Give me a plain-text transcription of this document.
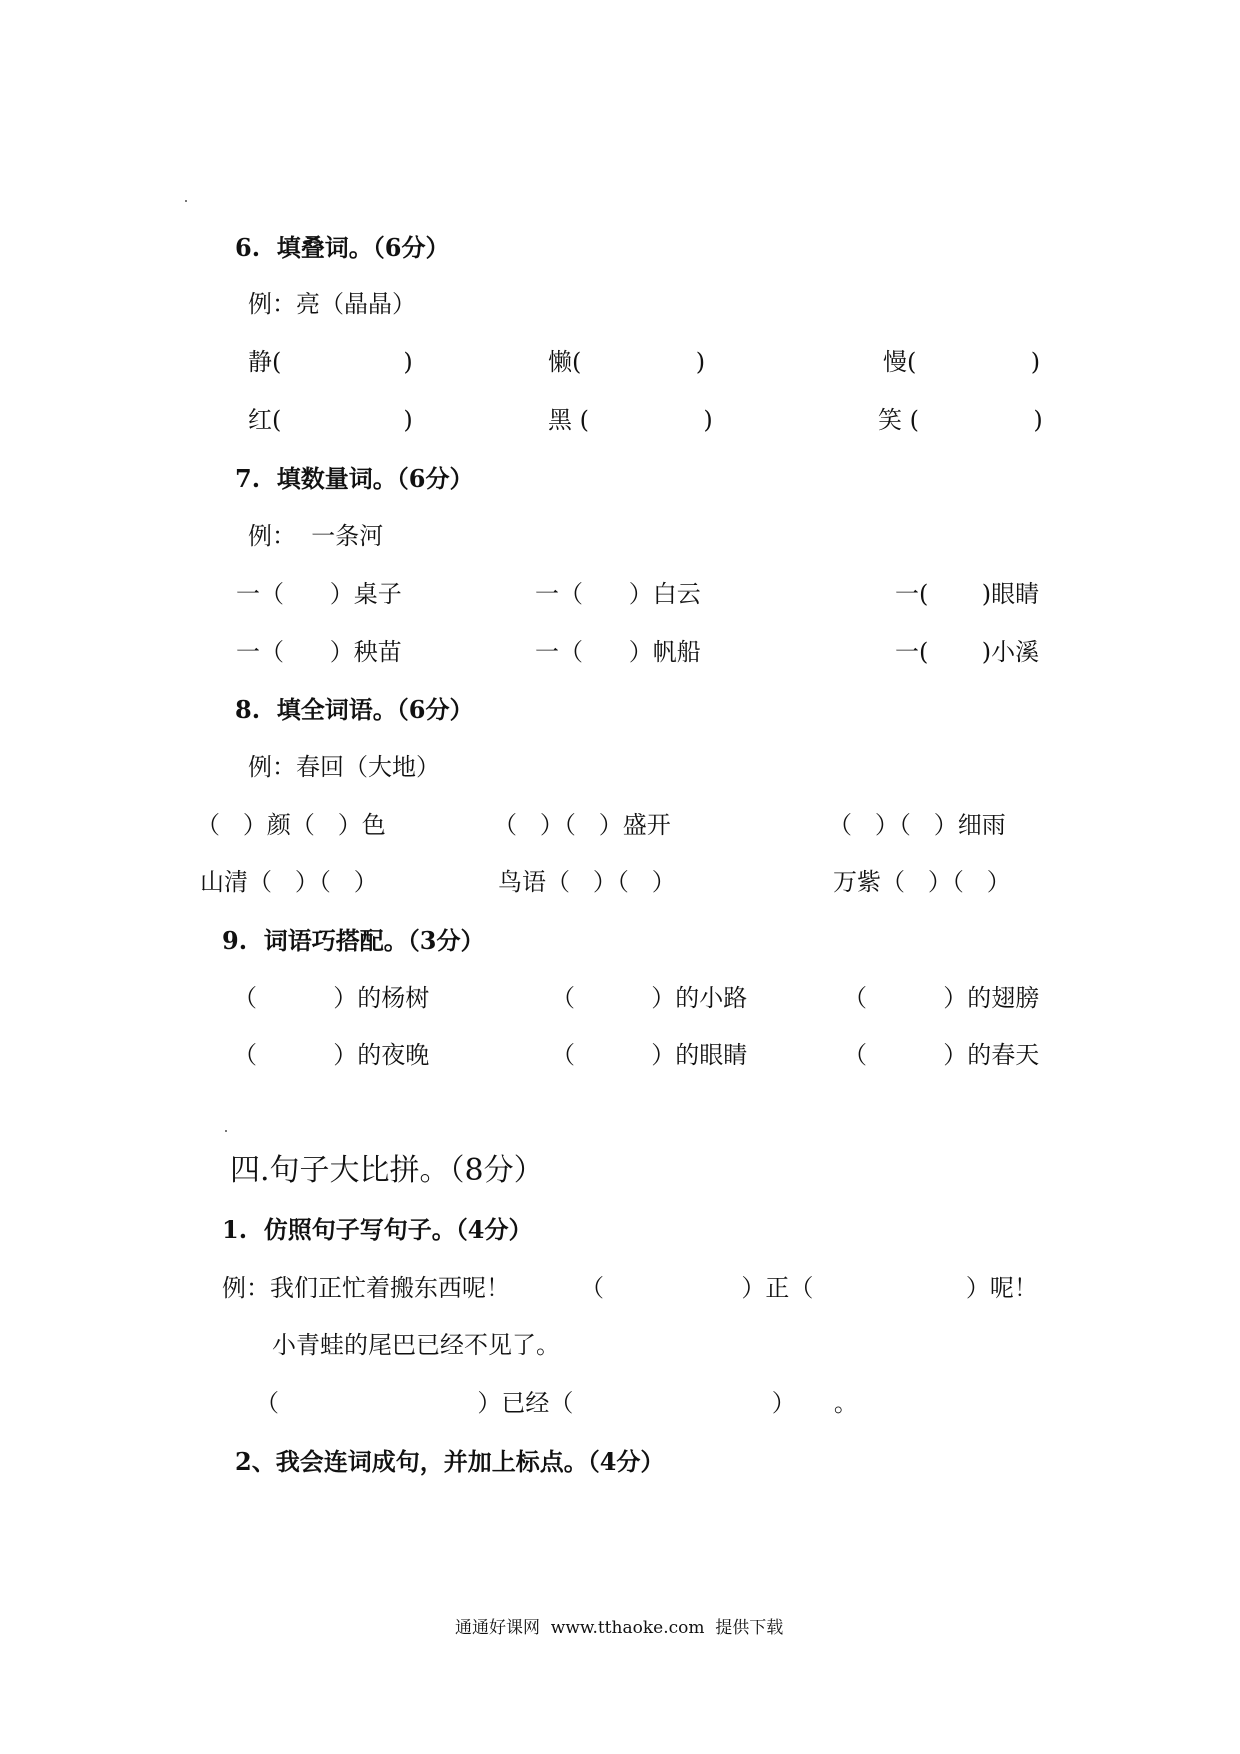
6.  填叠词。（6分）
例：亮（晶晶）
静(                )	懒(               )	慢(               )
红(                )	黑 (               )	笑 (               )
7.  填数量词。（6分）
例：  一条河
一（      ）桌子	一（      ）白云	一(       )眼睛
一（      ）秧苗	一（      ）帆船	一(       )小溪
8.  填全词语。（6分）
例：春回（大地）
（   ）颜（   ）色	（   ）（   ）盛开	（   ）（   ）细雨
山清（   ）（   ）	鸟语（   ）（   ）	万紫（   ）（   ）
9.  词语巧搭配。（3分）
（          ）的杨树	（          ）的小路	（          ）的翅膀
（          ）的夜晚	（          ）的眼睛	（          ）的春天
四.句子大比拼。（8分）
1.  仿照句子写句子。（4分）
例：我们正忙着搬东西呢！	（                  ）正（                    ）呢！
小青蛙的尾巴已经不见了。
（                          ）已经（                          ）     。
2、我会连词成句，并加上标点。（4分）
通通好课网  www.tthaoke.com  提供下载
